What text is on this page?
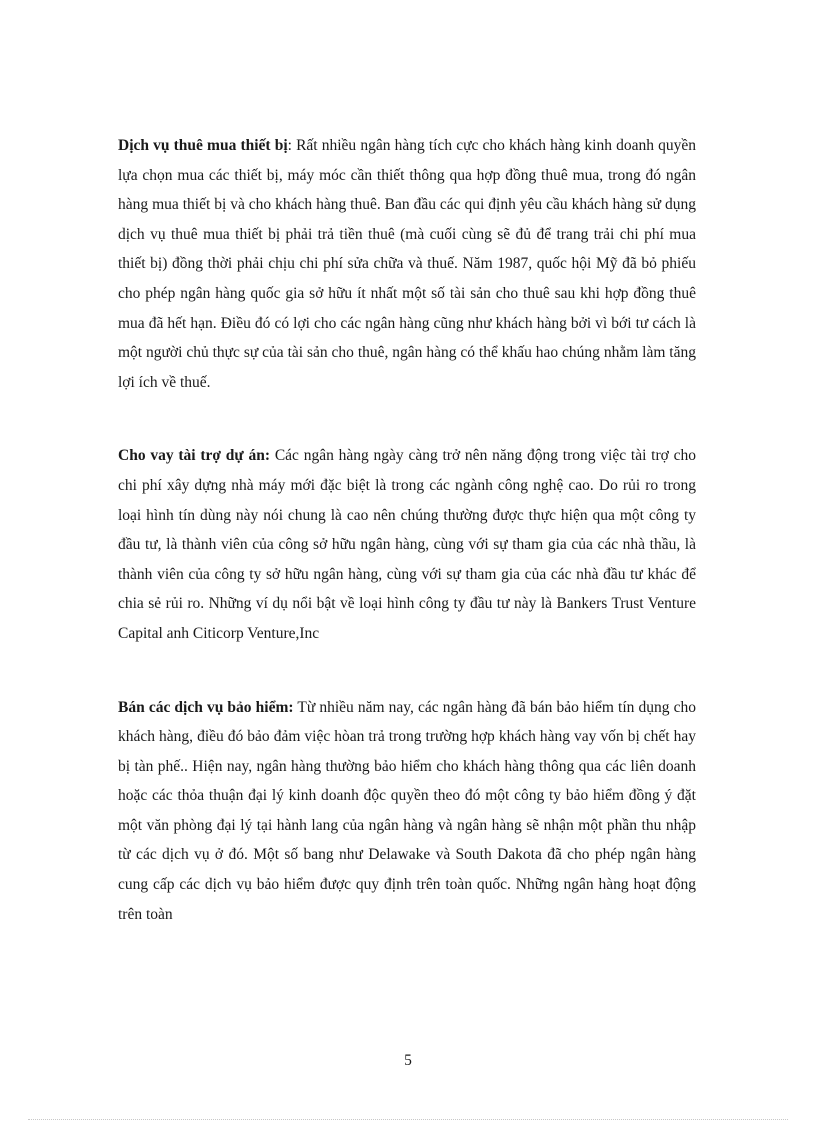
Dịch vụ thuê mua thiết bị: Rất nhiều ngân hàng tích cực cho khách hàng kinh doanh quyền lựa chọn mua các thiết bị, máy móc cần thiết thông qua hợp đồng thuê mua, trong đó ngân hàng mua thiết bị và cho khách hàng thuê. Ban đầu các qui định yêu cầu khách hàng sử dụng dịch vụ thuê mua thiết bị phải trả tiền thuê (mà cuối cùng sẽ đủ để trang trải chi phí mua thiết bị) đồng thời phải chịu chi phí sửa chữa và thuế. Năm 1987, quốc hội Mỹ đã bỏ phiếu cho phép ngân hàng quốc gia sở hữu ít nhất một số tài sản cho thuê sau khi hợp đồng thuê mua đã hết hạn. Điều đó có lợi cho các ngân hàng cũng như khách hàng bởi vì bới tư cách là một người chủ thực sự của tài sản cho thuê, ngân hàng có thể khấu hao chúng nhằm làm tăng lợi ích về thuế.

Cho vay tài trợ dự án: Các ngân hàng ngày càng trở nên năng động trong việc tài trợ cho chi phí xây dựng nhà máy mới đặc biệt là trong các ngành công nghệ cao. Do rủi ro trong loại hình tín dùng này nói chung là cao nên chúng thường được thực hiện qua một công ty đầu tư, là thành viên của công sở hữu ngân hàng, cùng với sự tham gia của các nhà thầu, là thành viên của công ty sở hữu ngân hàng, cùng với sự tham gia của các nhà đầu tư khác để chia sẻ rủi ro. Những ví dụ nổi bật về loại hình công ty đầu tư này là Bankers Trust Venture Capital anh Citicorp Venture,Inc

Bán các dịch vụ bảo hiểm: Từ nhiều năm nay, các ngân hàng đã bán bảo hiểm tín dụng cho khách hàng, điều đó bảo đảm việc hòan trả trong trường hợp khách hàng vay vốn bị chết hay bị tàn phế.. Hiện nay, ngân hàng thường bảo hiểm cho khách hàng thông qua các liên doanh hoặc các thỏa thuận đại lý kinh doanh độc quyền theo đó một công ty bảo hiểm đồng ý đặt một văn phòng đại lý tại hành lang của ngân hàng và ngân hàng sẽ nhận một phần thu nhập từ các dịch vụ ở đó. Một số bang như Delawake và South Dakota đã cho phép ngân hàng cung cấp các dịch vụ bảo hiểm được quy định trên toàn quốc. Những ngân hàng hoạt động trên toàn

5
